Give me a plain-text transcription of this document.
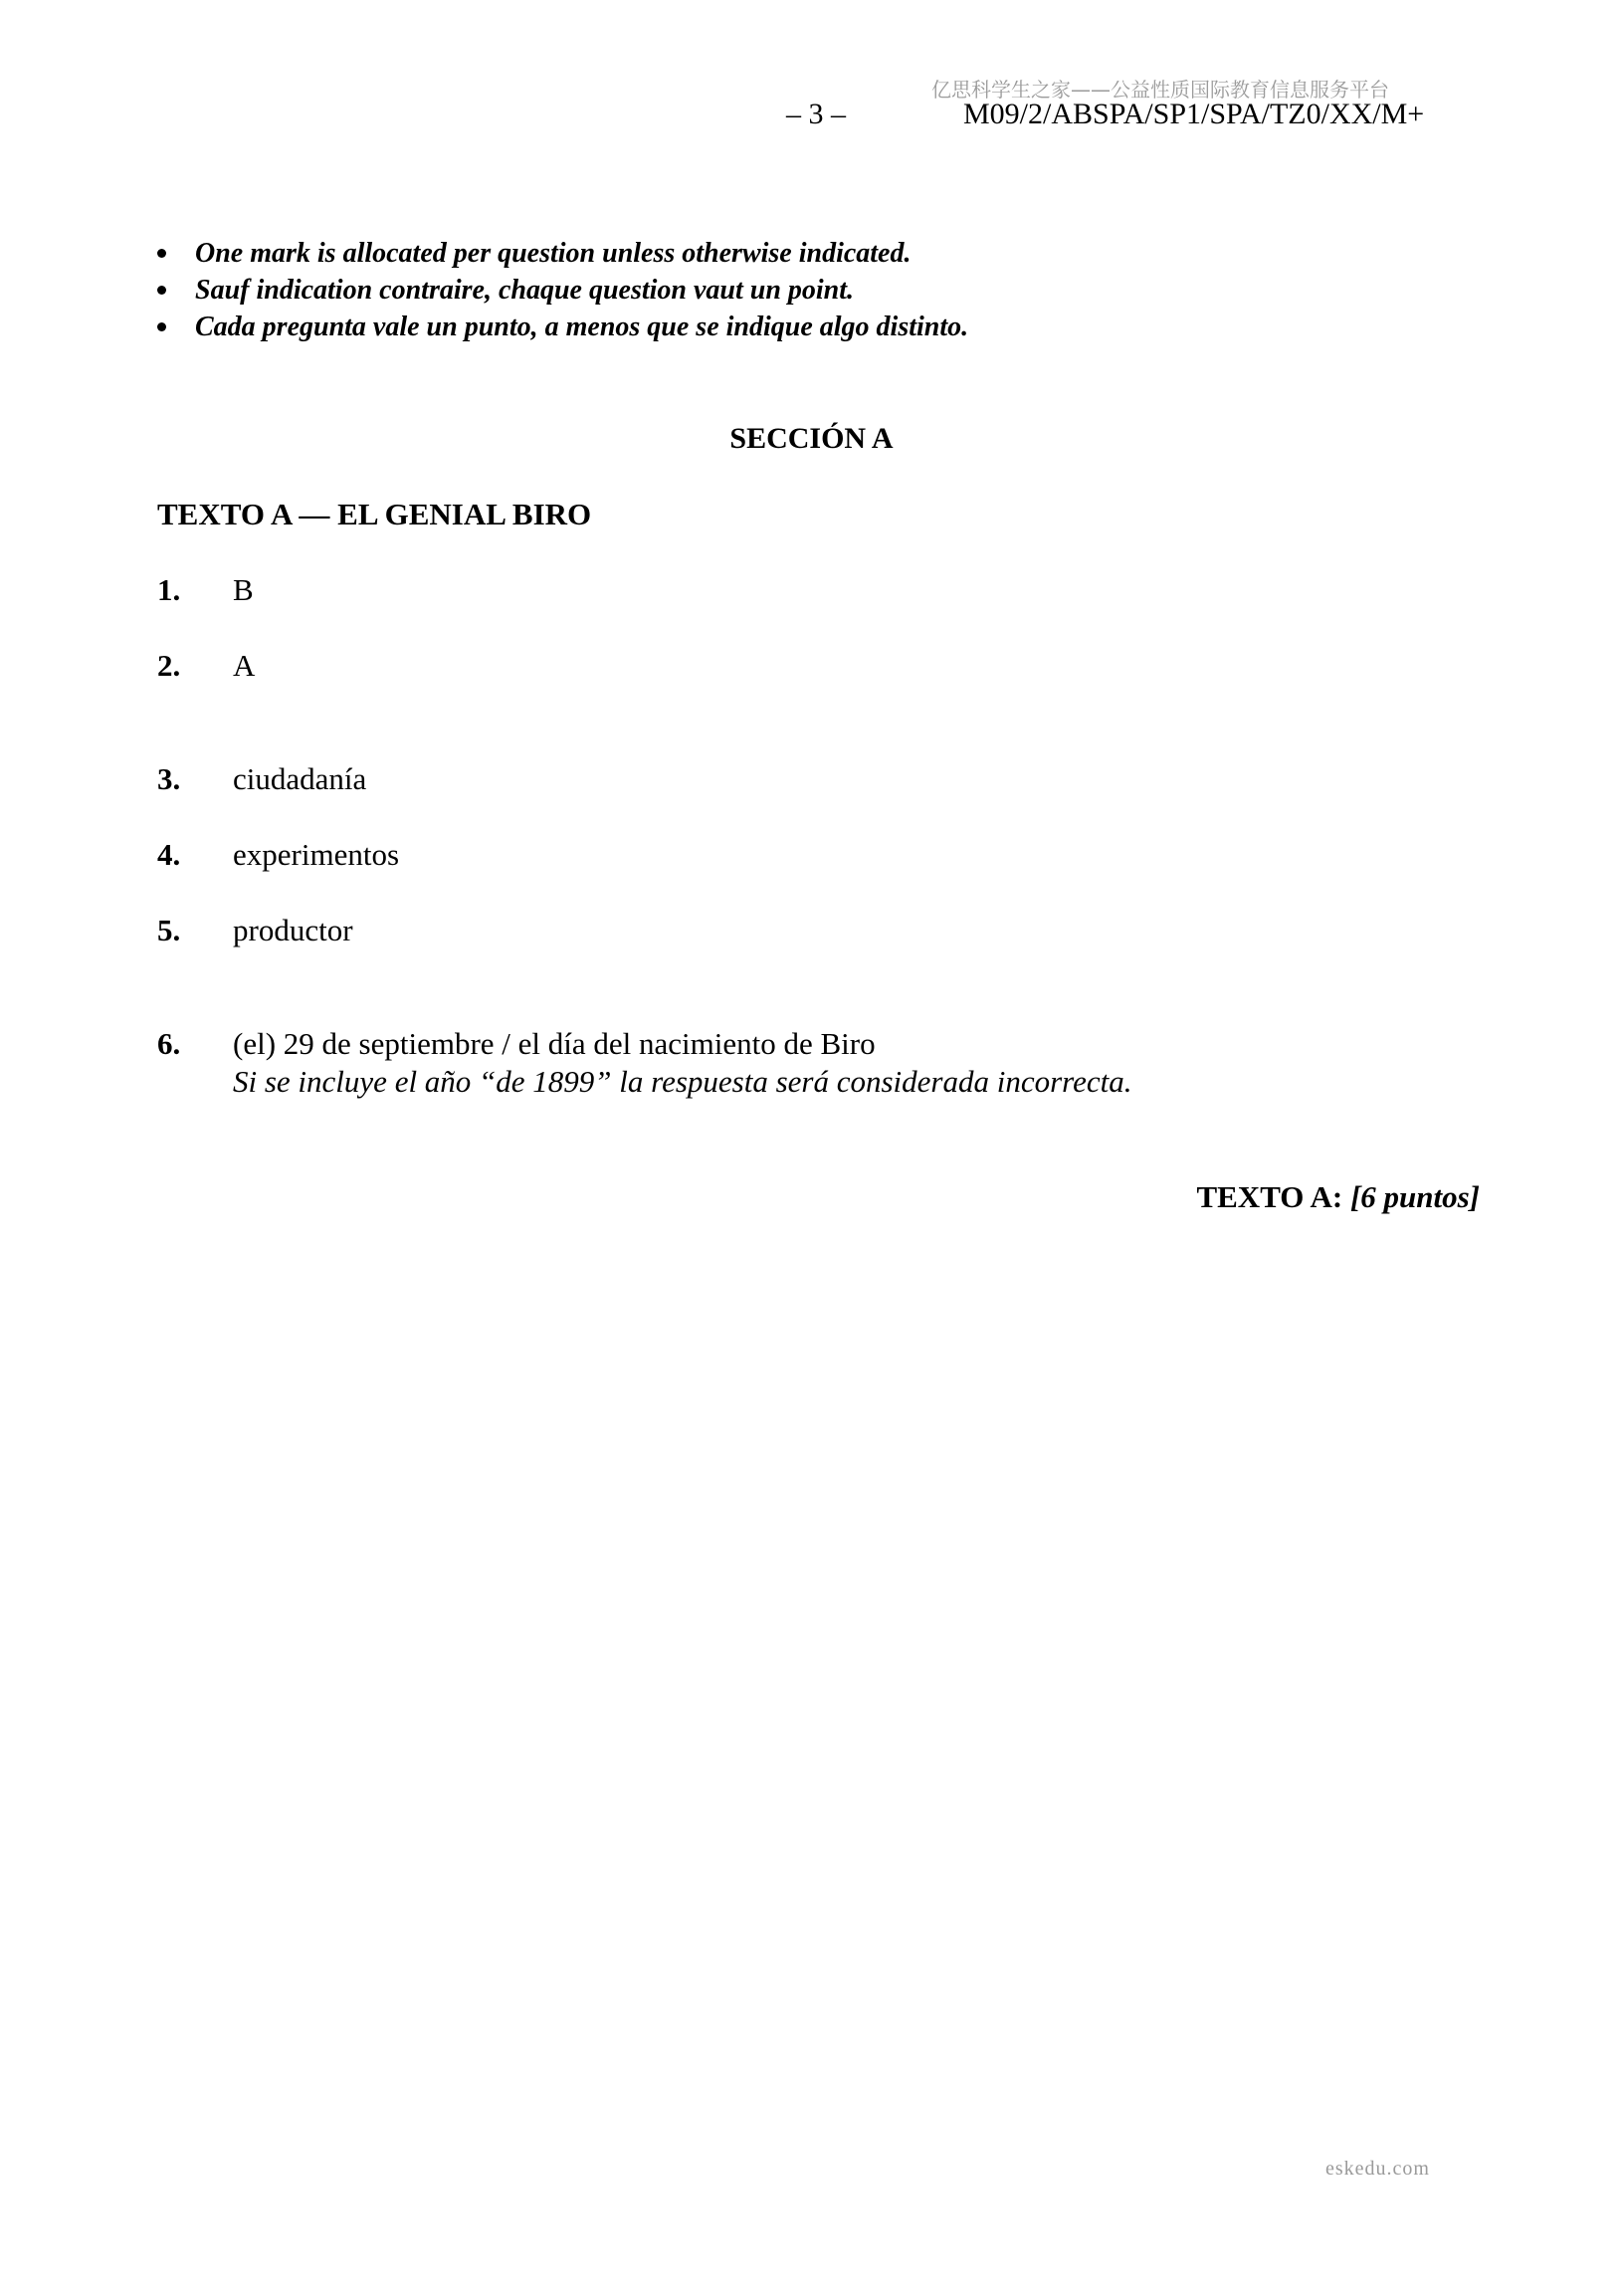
亿思科学生之家——公益性质国际教育信息服务平台
– 3 –	M09/2/ABSPA/SP1/SPA/TZ0/XX/M+
One mark is allocated per question unless otherwise indicated.
Sauf indication contraire, chaque question vaut un point.
Cada pregunta vale un punto, a menos que se indique algo distinto.
SECCIÓN A
TEXTO A — EL GENIAL BIRO
1. B
2. A
3. ciudadanía
4. experimentos
5. productor
6. (el) 29 de septiembre / el día del nacimiento de Biro
Si se incluye el año “de 1899” la respuesta será considerada incorrecta.
TEXTO A: [6 puntos]
eskedu.com
